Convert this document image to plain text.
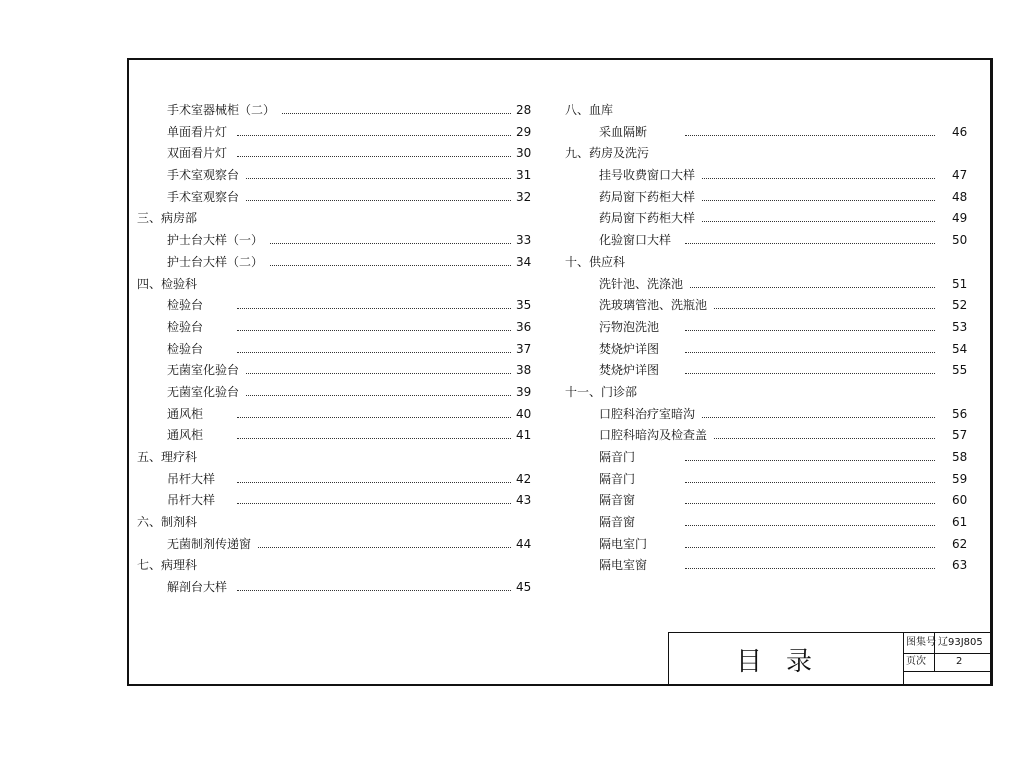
手术室器械柜（二）	28
单面看片灯	29
双面看片灯	30
手术室观察台	31
手术室观察台	32
三、病房部
护士台大样（一）	33
护士台大样（二）	34
四、检验科
检验台	35
检验台	36
检验台	37
无菌室化验台	38
无菌室化验台	39
通风柜	40
通风柜	41
五、理疗科
吊杆大样	42
吊杆大样	43
六、制剂科
无菌制剂传递窗	44
七、病理科
解剖台大样	45
八、血库
采血隔断	46
九、药房及洗污
挂号收费窗口大样	47
药局窗下药柜大样	48
药局窗下药柜大样	49
化验窗口大样	50
十、供应科
洗针池、洗涤池	51
洗玻璃管池、洗瓶池	52
污物泡洗池	53
焚烧炉详图	54
焚烧炉详图	55
十一、门诊部
口腔科治疗室暗沟	56
口腔科暗沟及检查盖	57
隔音门	58
隔音门	59
隔音窗	60
隔音窗	61
隔电室门	62
隔电室窗	63
目录
图集号 辽93J805
页次	2
